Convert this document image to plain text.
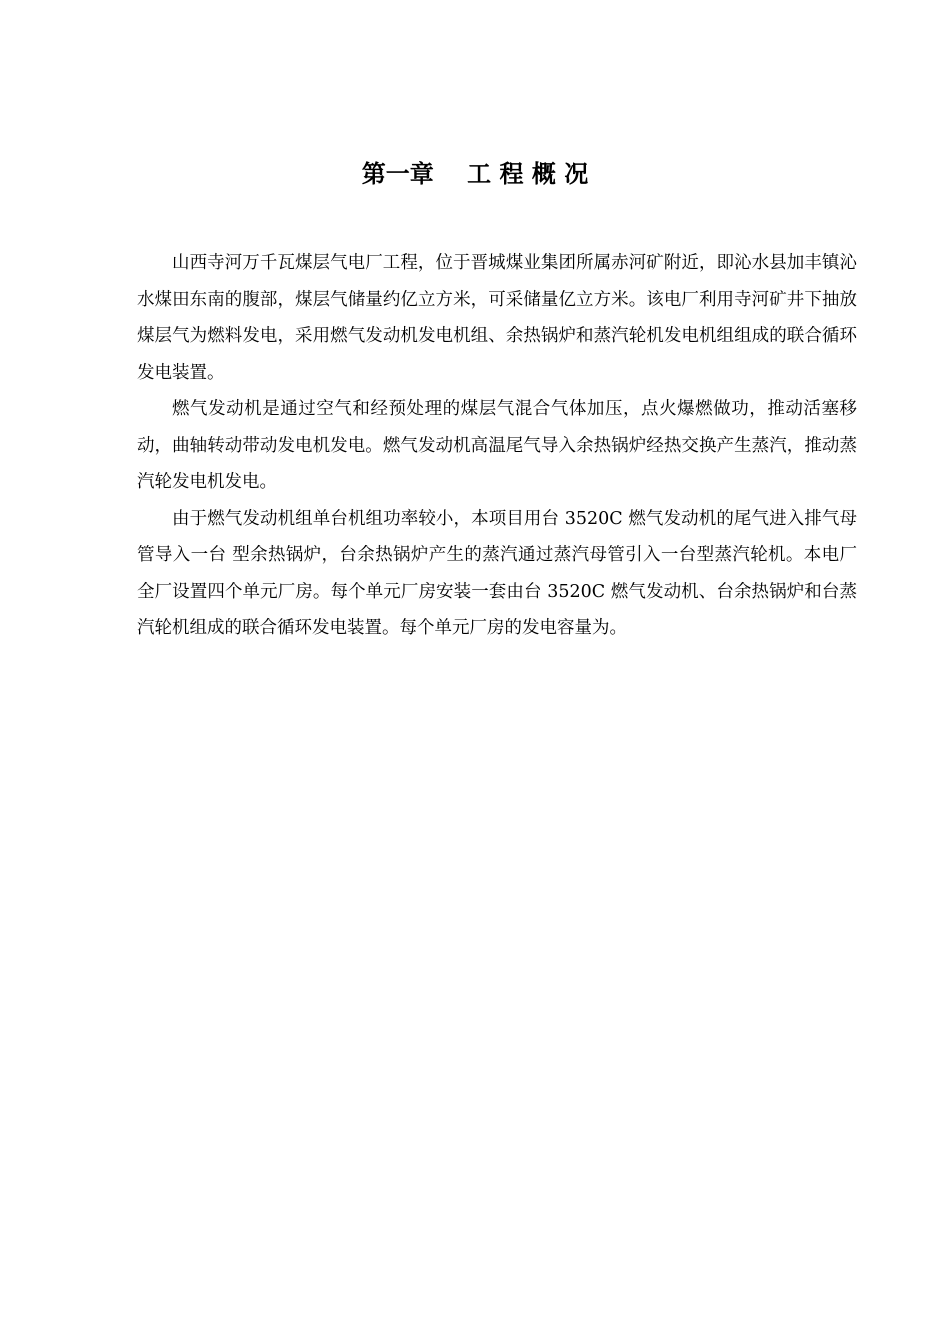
第一章    工 程 概 况

山西寺河万千瓦煤层气电厂工程，位于晋城煤业集团所属赤河矿附近，即沁水县加丰镇沁水煤田东南的腹部，煤层气储量约亿立方米，可采储量亿立方米。该电厂利用寺河矿井下抽放煤层气为燃料发电，采用燃气发动机发电机组、余热锅炉和蒸汽轮机发电机组组成的联合循环发电装置。

燃气发动机是通过空气和经预处理的煤层气混合气体加压，点火爆燃做功，推动活塞移动，曲轴转动带动发电机发电。燃气发动机高温尾气导入余热锅炉经热交换产生蒸汽，推动蒸汽轮发电机发电。

由于燃气发动机组单台机组功率较小，本项目用台 3520C 燃气发动机的尾气进入排气母管导入一台 型余热锅炉，台余热锅炉产生的蒸汽通过蒸汽母管引入一台型蒸汽轮机。本电厂全厂设置四个单元厂房。每个单元厂房安装一套由台 3520C 燃气发动机、台余热锅炉和台蒸汽轮机组成的联合循环发电装置。每个单元厂房的发电容量为。
